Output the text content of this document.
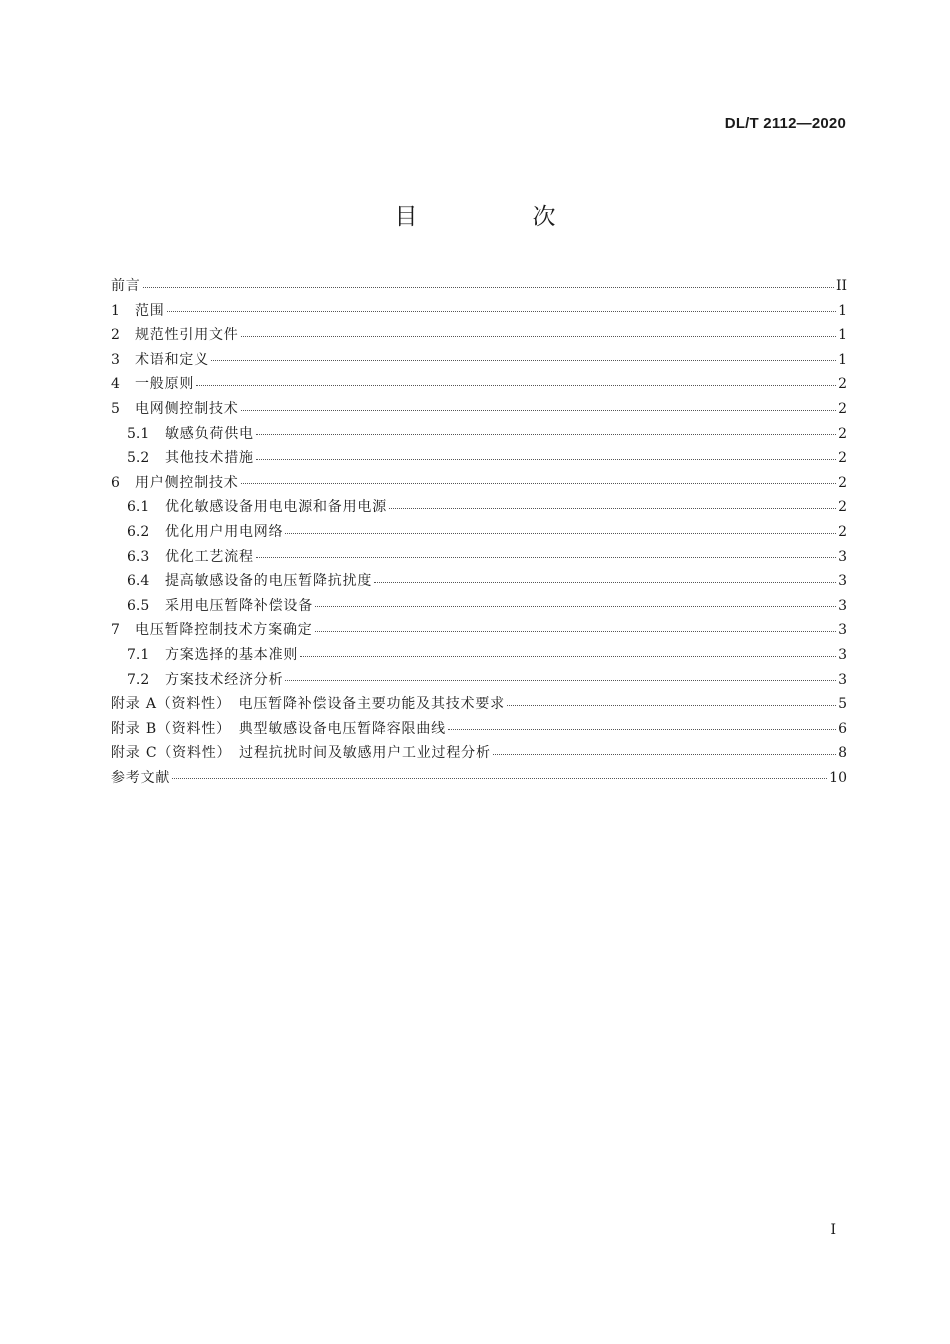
DL/T 2112—2020
目　次
前言	II
1	范围	1
2	规范性引用文件	1
3	术语和定义	1
4	一般原则	2
5	电网侧控制技术	2
5.1	敏感负荷供电	2
5.2	其他技术措施	2
6	用户侧控制技术	2
6.1	优化敏感设备用电电源和备用电源	2
6.2	优化用户用电网络	2
6.3	优化工艺流程	3
6.4	提高敏感设备的电压暂降抗扰度	3
6.5	采用电压暂降补偿设备	3
7	电压暂降控制技术方案确定	3
7.1	方案选择的基本准则	3
7.2	方案技术经济分析	3
附录 A（资料性）　电压暂降补偿设备主要功能及其技术要求	5
附录 B（资料性）　典型敏感设备电压暂降容限曲线	6
附录 C（资料性）　过程抗扰时间及敏感用户工业过程分析	8
参考文献	10
I
